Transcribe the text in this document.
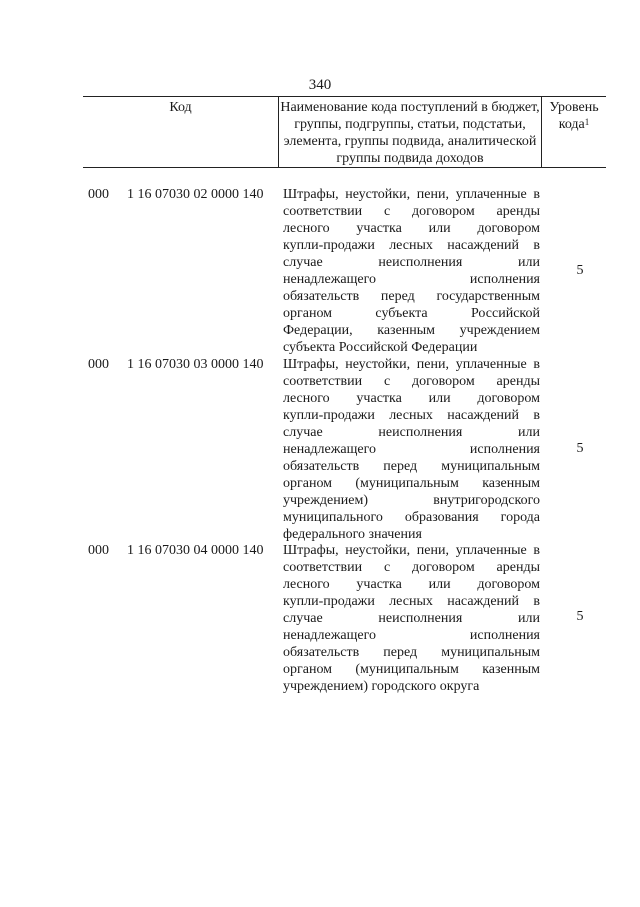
340
Код	Наименование кода поступлений в бюджет, группы, подгруппы, статьи, подстатьи, элемента, группы подвида, аналитической группы подвида доходов
Уровень кода$^1$
000 1 16 07030 02 0000 140 Штрафы, неустойки, пени, уплаченные в
соответствии с договором аренды
лесного участка или договором
купли-продажи лесных насаждений в
случае неисполнения или
ненадлежащего исполнения
обязательств перед государственным
органом субъекта Российской
Федерации, казенным учреждением
субъекта Российской Федерации
5
000 1 16 07030 03 0000 140 Штрафы, неустойки, пени, уплаченные в
соответствии с договором аренды
лесного участка или договором
купли-продажи лесных насаждений в
случае неисполнения или
ненадлежащего исполнения
обязательств перед муниципальным
органом (муниципальным казенным
учреждением) внутригородского
муниципального образования города
федерального значения
5
000 1 16 07030 04 0000 140 Штрафы, неустойки, пени, уплаченные в
соответствии с договором аренды
лесного участка или договором
купли-продажи лесных насаждений в
случае неисполнения или
ненадлежащего исполнения
обязательств перед муниципальным
органом (муниципальным казенным
учреждением) городского округа
5
